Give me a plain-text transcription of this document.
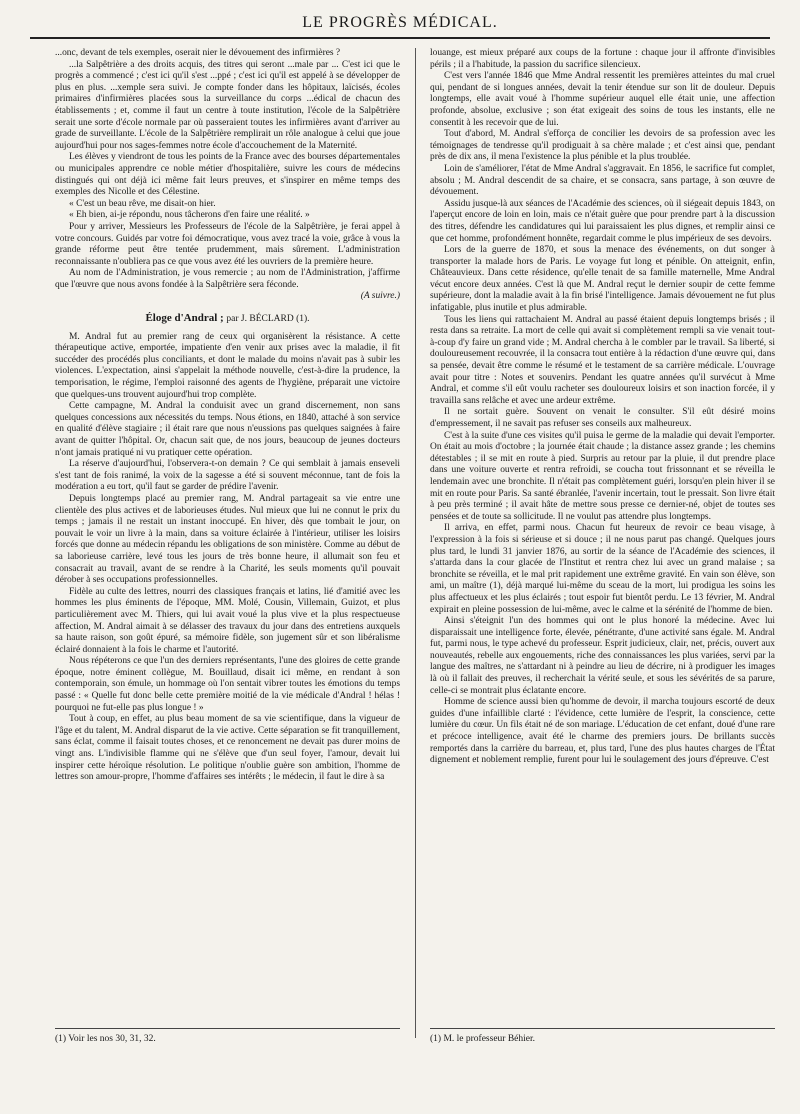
LE PROGRÈS MÉDICAL.

...onc, devant de tels exemples, oserait nier le dévouement des infirmières ?

...la Salpêtrière a des droits acquis, des titres qui seront ...male par ... C'est ici que le progrès a commencé ; c'est ici qu'il s'est ...ppé ; c'est ici qu'il est appelé à se développer de plus en plus. ...xemple sera suivi. Je compte fonder dans les hôpitaux, laïcisés, écoles primaires d'infirmières placées sous la surveillance du corps ...édical de chacun des établissements ; et, comme il faut un centre à toute institution, l'école de la Salpêtrière serait une sorte d'école normale par où passeraient toutes les infirmières avant d'arriver au grade de surveillante. L'école de la Salpêtrière remplirait un rôle analogue à celui que joue aujourd'hui pour nos sages-femmes notre école d'accouchement de la Maternité.

Les élèves y viendront de tous les points de la France avec des bourses départementales ou municipales apprendre ce noble métier d'hospitalière, suivre les cours de médecins distingués qui ont déjà ici même fait leurs preuves, et s'inspirer en même temps des exemples des Nicolle et des Célestine.

« C'est un beau rêve, me disait-on hier.

« Eh bien, ai-je répondu, nous tâcherons d'en faire une réalité. »

Pour y arriver, Messieurs les Professeurs de l'école de la Salpêtrière, je ferai appel à votre concours. Guidés par votre foi démocratique, vous avez tracé la voie, grâce à vous la grande réforme peut être tentée prudemment, mais sûrement. L'administration reconnaissante n'oubliera pas ce que vous avez été les ouvriers de la première heure.

Au nom de l'Administration, je vous remercie ; au nom de l'Administration, j'affirme que l'œuvre que nous avons fondée à la Salpêtrière sera féconde.

(A suivre.)

Éloge d'Andral ; par J. BÉCLARD (1).

M. Andral fut au premier rang de ceux qui organisèrent la résistance. A cette thérapeutique active, emportée, impatiente d'en venir aux prises avec la maladie, il fit succéder des procédés plus conciliants, et dont le malade du moins n'avait pas à subir les violences. L'expectation, ainsi s'appelait la méthode nouvelle, c'est-à-dire la prudence, la temporisation, le régime, l'emploi raisonné des agents de l'hygiène, préparait une victoire que quelques-uns trouvent aujourd'hui trop complète.

Cette campagne, M. Andral la conduisit avec un grand discernement, non sans quelques concessions aux nécessités du temps. Nous étions, en 1840, attaché à son service en qualité d'élève stagiaire ; il était rare que nous n'eussions pas quelques saignées à faire avant de quitter l'hôpital. Or, chacun sait que, de nos jours, beaucoup de jeunes docteurs n'ont jamais pratiqué ni vu pratiquer cette opération.

La réserve d'aujourd'hui, l'observera-t-on demain ? Ce qui semblait à jamais enseveli s'est tant de fois ranimé, la voix de la sagesse a été si souvent méconnue, tant de fois la modération a eu tort, qu'il faut se garder de prédire l'avenir.

Depuis longtemps placé au premier rang, M. Andral partageait sa vie entre une clientèle des plus actives et de laborieuses études. Nul mieux que lui ne connut le prix du temps ; jamais il ne restait un instant inoccupé. En hiver, dès que tombait le jour, on pouvait le voir un livre à la main, dans sa voiture éclairée à l'intérieur, utiliser les loisirs forcés que donne au médecin répandu les obligations de son ministère. Comme au début de sa laborieuse carrière, levé tous les jours de très bonne heure, il allumait son feu et consacrait au travail, avant de se rendre à la Charité, les seuls moments qu'il pouvait dérober à ses occupations professionnelles.

Fidèle au culte des lettres, nourri des classiques français et latins, lié d'amitié avec les hommes les plus éminents de l'époque, MM. Molé, Cousin, Villemain, Guizot, et plus particulièrement avec M. Thiers, qui lui avait voué la plus vive et la plus respectueuse affection, M. Andral aimait à se délasser des travaux du jour dans des entretiens auxquels sa haute raison, son goût épuré, sa mémoire fidèle, son jugement sûr et son libéralisme éclairé donnaient à la fois le charme et l'autorité.

Nous répéterons ce que l'un des derniers représentants, l'une des gloires de cette grande époque, notre éminent collègue, M. Bouillaud, disait ici même, en rendant à son contemporain, son émule, un hommage où l'on sentait vibrer toutes les émotions du temps passé : « Quelle fut donc belle cette première moitié de la vie médicale d'Andral ! hélas ! pourquoi ne fut-elle pas plus longue ! »

Tout à coup, en effet, au plus beau moment de sa vie scientifique, dans la vigueur de l'âge et du talent, M. Andral disparut de la vie active. Cette séparation se fit tranquillement, sans éclat, comme il faisait toutes choses, et ce renoncement ne devait pas durer moins de vingt ans. L'indivisible flamme qui ne s'élève que d'un seul foyer, l'amour, devait lui inspirer cette héroïque résolution. Le politique n'oublie guère son ambition, l'homme de lettres son amour-propre, l'homme d'affaires ses intérêts ; le médecin, il faut le dire à sa

louange, est mieux préparé aux coups de la fortune : chaque jour il affronte d'invisibles périls ; il a l'habitude, la passion du sacrifice silencieux.

C'est vers l'année 1846 que Mme Andral ressentit les premières atteintes du mal cruel qui, pendant de si longues années, devait la tenir étendue sur son lit de douleur. Depuis longtemps, elle avait voué à l'homme supérieur auquel elle était unie, une affection profonde, absolue, exclusive ; son état exigeait des soins de tous les instants, elle ne consentit à les recevoir que de lui.

Tout d'abord, M. Andral s'efforça de concilier les devoirs de sa profession avec les témoignages de tendresse qu'il prodiguait à sa chère malade ; et c'est ainsi que, pendant près de dix ans, il mena l'existence la plus pénible et la plus troublée.

Loin de s'améliorer, l'état de Mme Andral s'aggravait. En 1856, le sacrifice fut complet, absolu ; M. Andral descendit de sa chaire, et se consacra, sans partage, à son œuvre de dévouement.

Assidu jusque-là aux séances de l'Académie des sciences, où il siégeait depuis 1843, on l'aperçut encore de loin en loin, mais ce n'était guère que pour prendre part à la discussion des titres, défendre les candidatures qui lui paraissaient les plus dignes, et remplir ainsi ce que cet homme, profondément honnête, regardait comme le plus impérieux de ses devoirs.

Lors de la guerre de 1870, et sous la menace des événements, on dut songer à transporter la malade hors de Paris. Le voyage fut long et pénible. On atteignit, enfin, Châteauvieux. Dans cette résidence, qu'elle tenait de sa famille maternelle, Mme Andral vécut encore deux années. C'est là que M. Andral reçut le dernier soupir de cette femme supérieure, dont la maladie avait à la fin brisé l'intelligence. Jamais dévouement ne fut plus infatigable, plus inutile et plus admirable.

Tous les liens qui rattachaient M. Andral au passé étaient depuis longtemps brisés ; il resta dans sa retraite. La mort de celle qui avait si complètement rempli sa vie venait tout-à-coup d'y faire un grand vide ; M. Andral chercha à le combler par le travail. Sa liberté, si douloureusement recouvrée, il la consacra tout entière à la rédaction d'une œuvre qui, dans sa pensée, devait être comme le résumé et le testament de sa carrière médicale. L'ouvrage avait pour titre : Notes et souvenirs. Pendant les quatre années qu'il survécut à Mme Andral, et comme s'il eût voulu racheter ses douloureux loisirs et son inaction forcée, il y travailla sans relâche et avec une ardeur extrême.

Il ne sortait guère. Souvent on venait le consulter. S'il eût désiré moins d'empressement, il ne savait pas refuser ses conseils aux malheureux.

C'est à la suite d'une ces visites qu'il puisa le germe de la maladie qui devait l'emporter. On était au mois d'octobre ; la journée était chaude ; la distance assez grande ; les chemins détestables ; il se mit en route à pied. Surpris au retour par la pluie, il dut prendre place dans une voiture ouverte et rentra refroidi, se coucha tout frissonnant et se réveilla le lendemain avec une bronchite. Il n'était pas complètement guéri, lorsqu'en plein hiver il se mit en route pour Paris. Sa santé ébranlée, l'avenir incertain, tout le pressait. Son livre était à peu près terminé ; il avait hâte de mettre sous presse ce dernier-né, objet de toutes ses pensées et de toute sa sollicitude. Il ne voulut pas attendre plus longtemps.

Il arriva, en effet, parmi nous. Chacun fut heureux de revoir ce beau visage, à l'expression à la fois si sérieuse et si douce ; il ne nous parut pas changé. Quelques jours plus tard, le lundi 31 janvier 1876, au sortir de la séance de l'Académie des sciences, il s'attarda dans la cour glacée de l'Institut et rentra chez lui avec un grand malaise ; sa bronchite se réveilla, et le mal prit rapidement une extrême gravité. En vain son élève, son ami, un maître (1), déjà marqué lui-même du sceau de la mort, lui prodigua les soins les plus affectueux et les plus éclairés ; tout espoir fut bientôt perdu. Le 13 février, M. Andral expirait en pleine possession de lui-même, avec le calme et la sérénité de l'homme de bien.

Ainsi s'éteignit l'un des hommes qui ont le plus honoré la médecine. Avec lui disparaissait une intelligence forte, élevée, pénétrante, d'une activité sans égale. M. Andral fut, parmi nous, le type achevé du professeur. Esprit judicieux, clair, net, précis, ouvert aux nouveautés, rebelle aux engouements, riche des connaissances les plus variées, servi par la langue des maîtres, ne s'attardant ni à peindre au lieu de décrire, ni à prodiguer les images là où il fallait des preuves, il recherchait la vérité seule, et sous les sévérités de sa parure, celle-ci se montrait plus éclatante encore.

Homme de science aussi bien qu'homme de devoir, il marcha toujours escorté de deux guides d'une infaillible clarté : l'évidence, cette lumière de l'esprit, la conscience, cette lumière du cœur. Un fils était né de son mariage. L'éducation de cet enfant, doué d'une rare et précoce intelligence, avait été le charme des premiers jours. De brillants succès remportés dans la carrière du barreau, et, plus tard, l'une des plus hautes charges de l'État dignement et noblement remplie, furent pour lui le soulagement des jours d'épreuve. C'est

(1) Voir les nos 30, 31, 32.	(1) M. le professeur Béhier.
